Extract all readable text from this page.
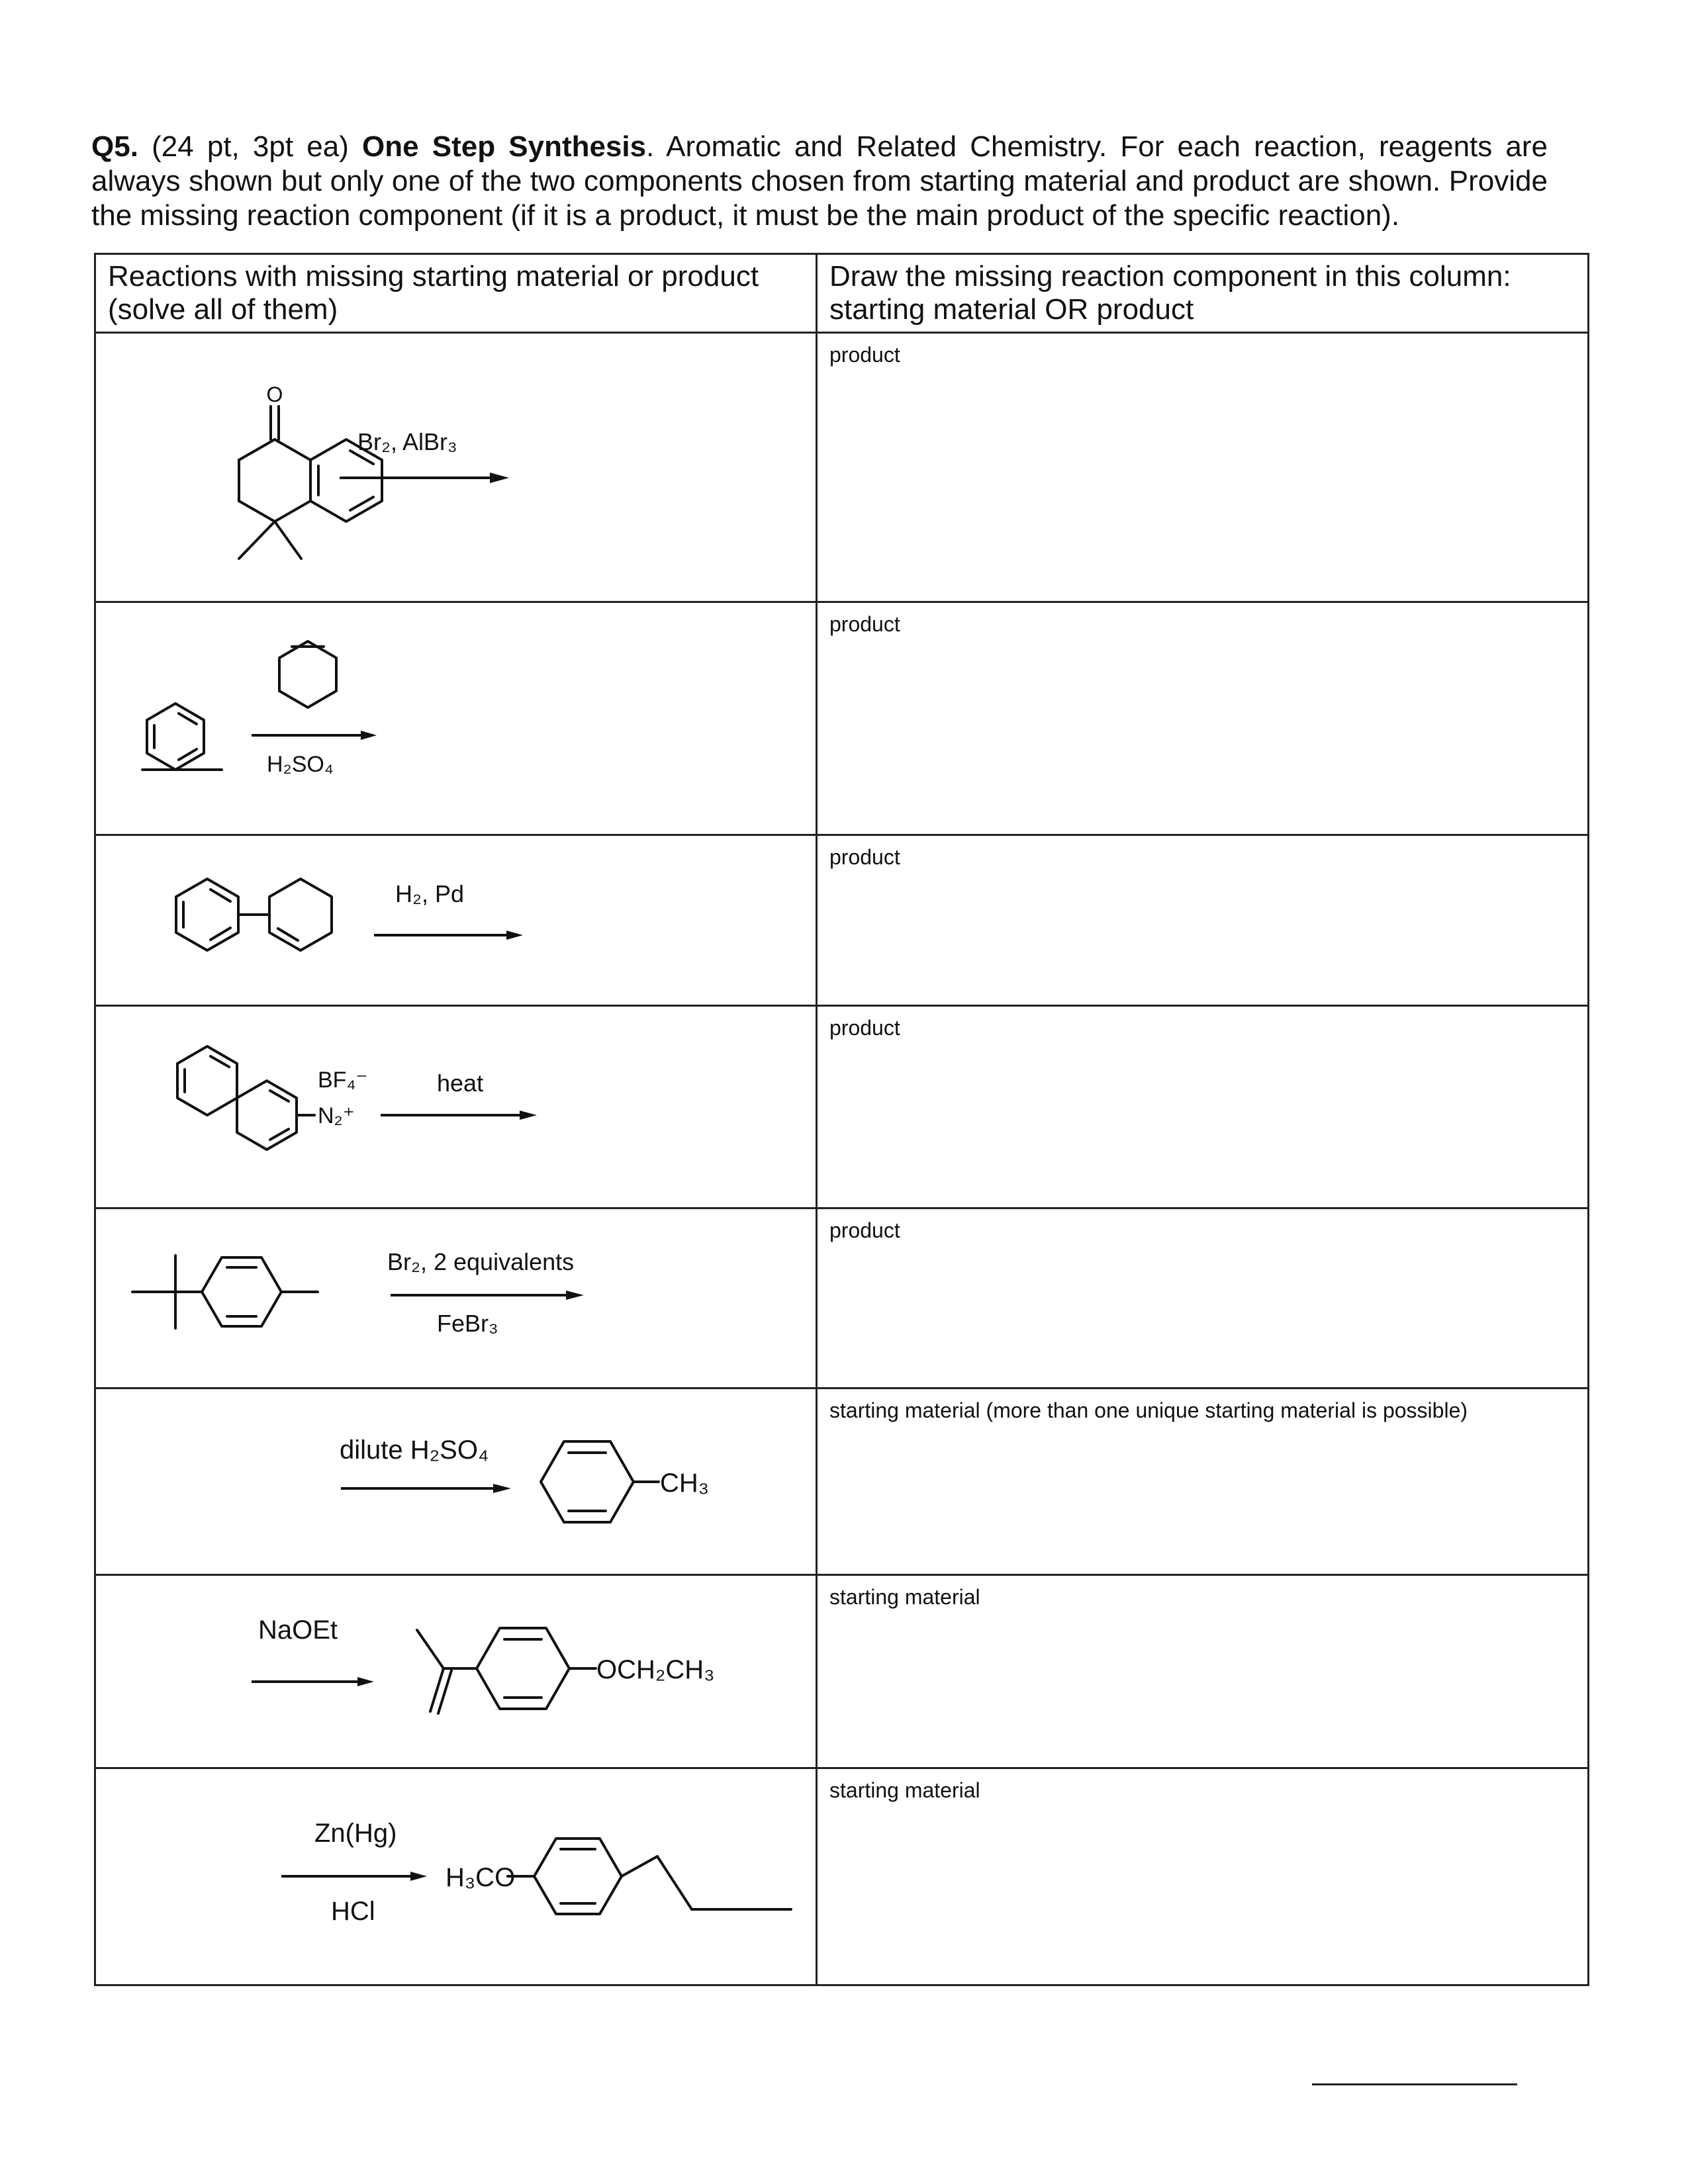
Q5. (24 pt, 3pt ea) One Step Synthesis. Aromatic and Related Chemistry. For each reaction, reagents are always shown but only one of the two components chosen from starting material and product are shown. Provide the missing reaction component (if it is a product, it must be the main product of the specific reaction).

Reactions with missing starting material or product (solve all of them)	Draw the missing reaction component in this column: starting material OR product

O
Br₂, AlBr₃	product

H₂SO₄	product

H₂, Pd	product

BF₄⁻
N₂⁺
heat	product

Br₂, 2 equivalents
FeBr₃	product

dilute H₂SO₄
CH₃	starting material (more than one unique starting material is possible)

NaOEt
OCH₂CH₃	starting material

Zn(Hg)
HCl
H₃CO	starting material
